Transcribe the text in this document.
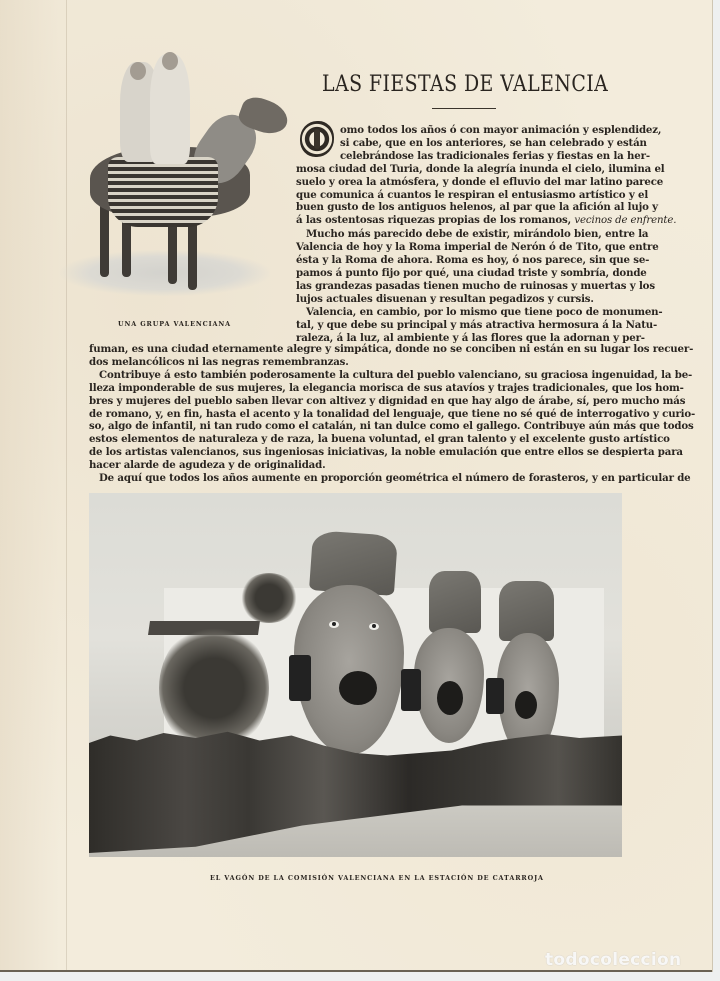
UNA GRUPA VALENCIANA
LAS FIESTAS DE VALENCIA
omo todos los años ó con mayor animación y esplendidez,
si cabe, que en los anteriores, se han celebrado y están
celebrándose las tradicionales ferias y fiestas en la her-
mosa ciudad del Turia, donde la alegría inunda el cielo, ilumina el
suelo y orea la atmósfera, y donde el efluvio del mar latino parece
que comunica á cuantos le respiran el entusiasmo artístico y el
buen gusto de los antiguos helenos, al par que la afición al lujo y
á las ostentosas riquezas propias de los romanos, vecinos de enfrente.
Mucho más parecido debe de existir, mirándolo bien, entre la
Valencia de hoy y la Roma imperial de Nerón ó de Tito, que entre
ésta y la Roma de ahora. Roma es hoy, ó nos parece, sin que se-
pamos á punto fijo por qué, una ciudad triste y sombría, donde
las grandezas pasadas tienen mucho de ruinosas y muertas y los
lujos actuales disuenan y resultan pegadizos y cursis.
Valencia, en cambio, por lo mismo que tiene poco de monumen-
tal, y que debe su principal y más atractiva hermosura á la Natu-
raleza, á la luz, al ambiente y á las flores que la adornan y per-
fuman, es una ciudad eternamente alegre y simpática, donde no se conciben ni están en su lugar los recuer-
dos melancólicos ni las negras remembranzas.
Contribuye á esto también poderosamente la cultura del pueblo valenciano, su graciosa ingenuidad, la be-
lleza imponderable de sus mujeres, la elegancia morisca de sus atavíos y trajes tradicionales, que los hom-
bres y mujeres del pueblo saben llevar con altivez y dignidad en que hay algo de árabe, sí, pero mucho más
de romano, y, en fin, hasta el acento y la tonalidad del lenguaje, que tiene no sé qué de interrogativo y curio-
so, algo de infantil, ni tan rudo como el catalán, ni tan dulce como el gallego. Contribuye aún más que todos
estos elementos de naturaleza y de raza, la buena voluntad, el gran talento y el excelente gusto artístico
de los artistas valencianos, sus ingeniosas iniciativas, la noble emulación que entre ellos se despierta para
hacer alarde de agudeza y de originalidad.
De aquí que todos los años aumente en proporción geométrica el número de forasteros, y en particular de
EL VAGÓN DE LA COMISIÓN VALENCIANA EN LA ESTACIÓN DE CATARROJA
todocoleccion
